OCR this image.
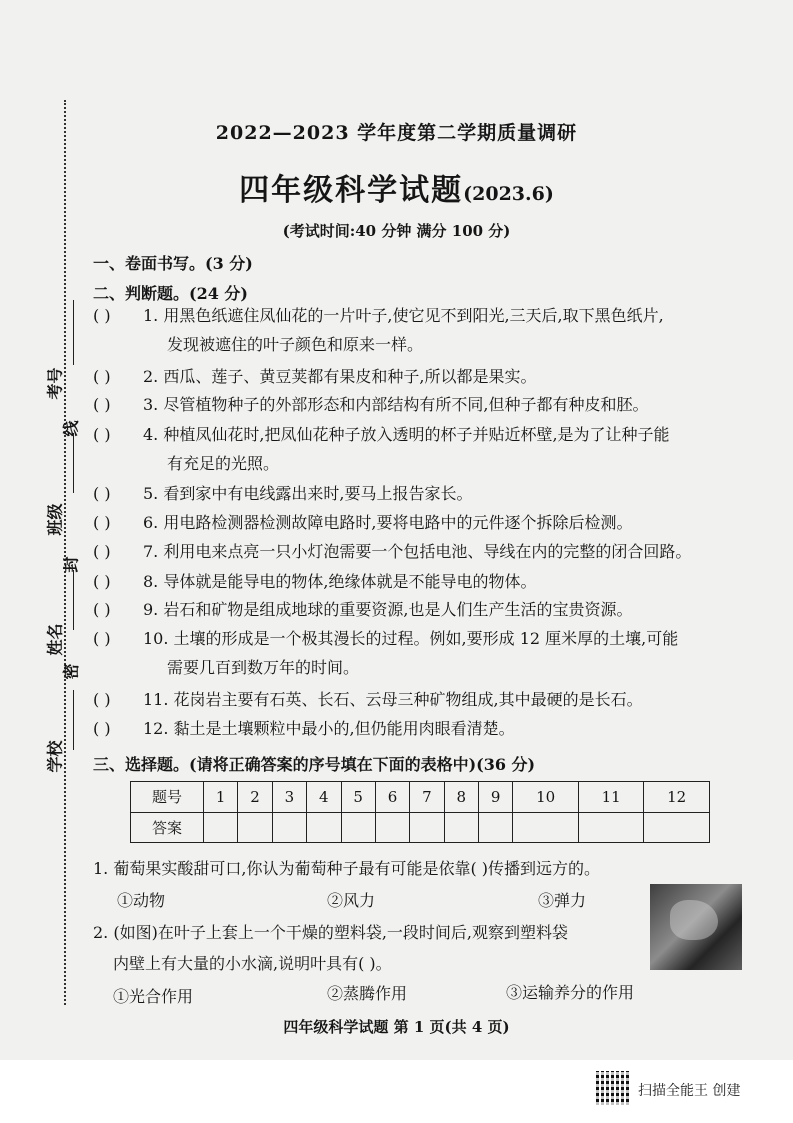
考号
线
班级
封
姓名
密
学校
2022—2023 学年度第二学期质量调研
四年级科学试题(2023.6)
(考试时间:40 分钟 满分 100 分)
一、卷面书写。(3 分)
二、判断题。(24 分)
( ) 1. 用黑色纸遮住凤仙花的一片叶子,使它见不到阳光,三天后,取下黑色纸片,
发现被遮住的叶子颜色和原来一样。
( ) 2. 西瓜、莲子、黄豆荚都有果皮和种子,所以都是果实。
( ) 3. 尽管植物种子的外部形态和内部结构有所不同,但种子都有种皮和胚。
( ) 4. 种植凤仙花时,把凤仙花种子放入透明的杯子并贴近杯壁,是为了让种子能
有充足的光照。
( ) 5. 看到家中有电线露出来时,要马上报告家长。
( ) 6. 用电路检测器检测故障电路时,要将电路中的元件逐个拆除后检测。
( ) 7. 利用电来点亮一只小灯泡需要一个包括电池、导线在内的完整的闭合回路。
( ) 8. 导体就是能导电的物体,绝缘体就是不能导电的物体。
( ) 9. 岩石和矿物是组成地球的重要资源,也是人们生产生活的宝贵资源。
( ) 10. 土壤的形成是一个极其漫长的过程。例如,要形成 12 厘米厚的土壤,可能
需要几百到数万年的时间。
( ) 11. 花岗岩主要有石英、长石、云母三种矿物组成,其中最硬的是长石。
( ) 12. 黏土是土壤颗粒中最小的,但仍能用肉眼看清楚。
三、选择题。(请将正确答案的序号填在下面的表格中)(36 分)
题号	1	2	3	4	5	6	7	8	9	10	11	12
答案												
1. 葡萄果实酸甜可口,你认为葡萄种子最有可能是依靠( )传播到远方的。
①动物	②风力	③弹力
2. (如图)在叶子上套上一个干燥的塑料袋,一段时间后,观察到塑料袋
内壁上有大量的小水滴,说明叶具有( )。
①光合作用	②蒸腾作用	③运输养分的作用
四年级科学试题 第 1 页(共 4 页)
扫描全能王 创建
